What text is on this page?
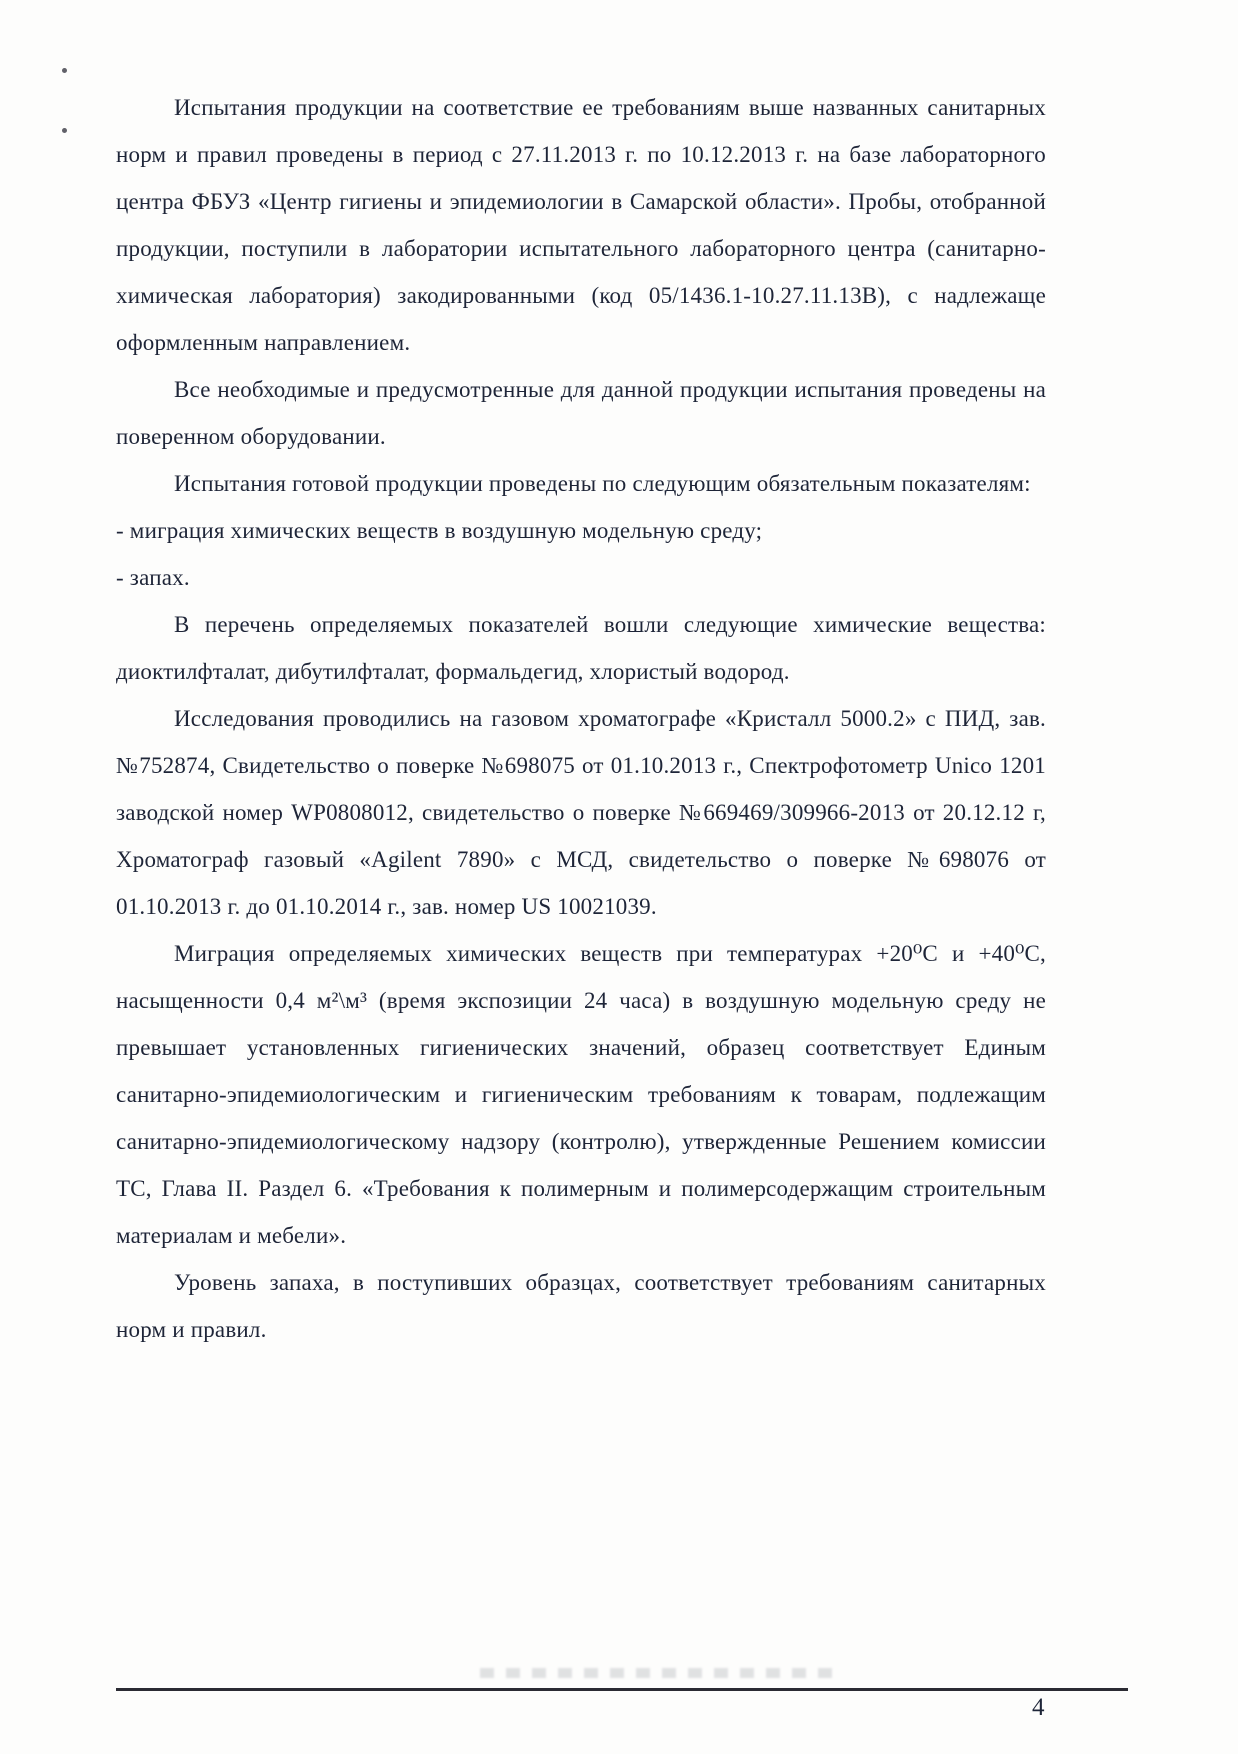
Испытания продукции на соответствие ее требованиям выше названных санитарных норм и правил проведены в период с 27.11.2013 г. по 10.12.2013 г. на базе лабораторного центра ФБУЗ «Центр гигиены и эпидемиологии в Самарской области». Пробы, отобранной продукции, поступили в лаборатории испытательного лабораторного центра (санитарно-химическая лаборатория) закодированными (код 05/1436.1-10.27.11.13В), с надлежаще оформленным направлением.

Все необходимые и предусмотренные для данной продукции испытания проведены на поверенном оборудовании.

Испытания готовой продукции проведены по следующим обязательным показателям:

- миграция химических веществ в воздушную модельную среду;

- запах.

В перечень определяемых показателей вошли следующие химические вещества: диоктилфталат, дибутилфталат, формальдегид, хлористый водород.

Исследования проводились на газовом хроматографе «Кристалл 5000.2» с ПИД, зав. №752874, Свидетельство о поверке №698075 от 01.10.2013 г., Спектрофотометр Unico 1201 заводской номер WP0808012, свидетельство о поверке №669469/309966-2013 от 20.12.12 г, Хроматограф газовый «Agilent 7890» с МСД, свидетельство о поверке №698076 от 01.10.2013 г. до 01.10.2014 г., зав. номер US 10021039.

Миграция определяемых химических веществ при температурах +20⁰С и +40⁰С, насыщенности 0,4 м²\м³ (время экспозиции 24 часа) в воздушную модельную среду не превышает установленных гигиенических значений, образец соответствует Единым санитарно-эпидемиологическим и гигиеническим требованиям к товарам, подлежащим санитарно-эпидемиологическому надзору (контролю), утвержденные Решением комиссии ТС, Глава II. Раздел 6. «Требования к полимерным и полимерсодержащим строительным материалам и мебели».

Уровень запаха, в поступивших образцах, соответствует требованиям санитарных норм и правил.

4
